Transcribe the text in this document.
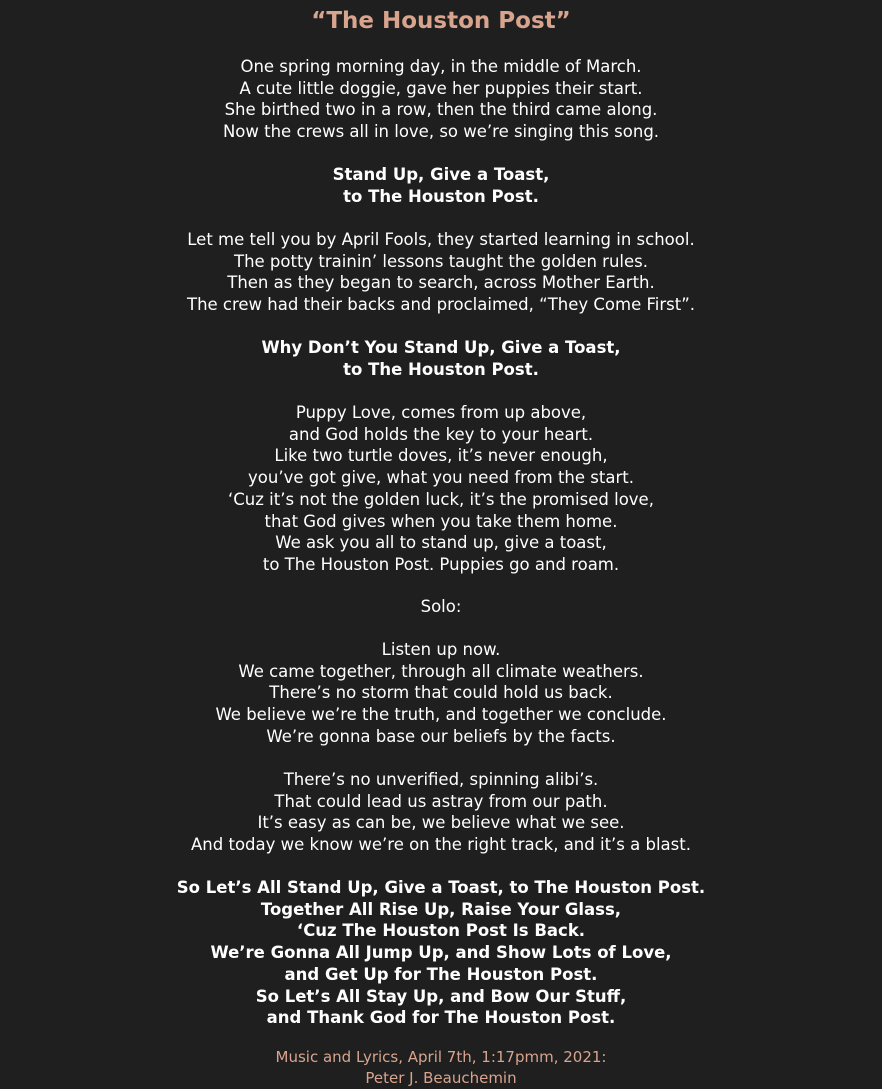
“The Houston Post”
One spring morning day, in the middle of March.
A cute little doggie, gave her puppies their start.
She birthed two in a row, then the third came along.
Now the crews all in love, so we’re singing this song.
Stand Up, Give a Toast,
to The Houston Post.
Let me tell you by April Fools, they started learning in school.
The potty trainin’ lessons taught the golden rules.
Then as they began to search, across Mother Earth.
The crew had their backs and proclaimed, “They Come First”.
Why Don’t You Stand Up, Give a Toast,
to The Houston Post.
Puppy Love, comes from up above,
and God holds the key to your heart.
Like two turtle doves, it’s never enough,
you’ve got give, what you need from the start.
‘Cuz it’s not the golden luck, it’s the promised love,
that God gives when you take them home.
We ask you all to stand up, give a toast,
to The Houston Post. Puppies go and roam.
Solo:
Listen up now.
We came together, through all climate weathers.
There’s no storm that could hold us back.
We believe we’re the truth, and together we conclude.
We’re gonna base our beliefs by the facts.
There’s no unverified, spinning alibi’s.
That could lead us astray from our path.
It’s easy as can be, we believe what we see.
And today we know we’re on the right track, and it’s a blast.
So Let’s All Stand Up, Give a Toast, to The Houston Post.
Together All Rise Up, Raise Your Glass,
‘Cuz The Houston Post Is Back.
We’re Gonna All Jump Up, and Show Lots of Love,
and Get Up for The Houston Post.
So Let’s All Stay Up, and Bow Our Stuff,
and Thank God for The Houston Post.
Music and Lyrics, April 7th, 1:17pmm, 2021:
Peter J. Beauchemin
